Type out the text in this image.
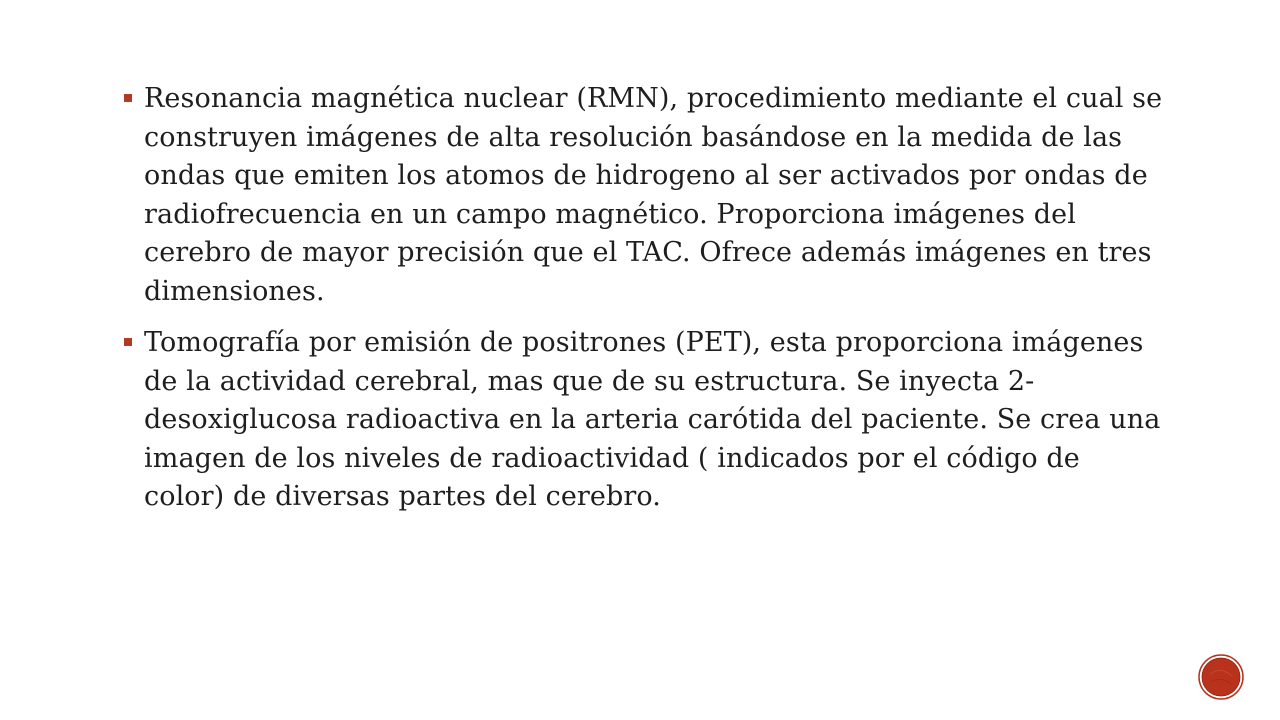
Resonancia magnética nuclear (RMN), procedimiento mediante el cual se construyen imágenes de alta resolución basándose en la medida de las ondas que emiten los atomos de hidrogeno al ser activados por ondas de radiofrecuencia en un campo magnético. Proporciona imágenes del cerebro de mayor precisión que el TAC. Ofrece además imágenes en tres dimensiones.
Tomografía por emisión de positrones (PET), esta proporciona imágenes de la actividad cerebral, mas que de su estructura. Se inyecta 2- desoxiglucosa radioactiva en la arteria carótida del paciente. Se crea una imagen de los niveles de radioactividad ( indicados por el código de color) de diversas partes del cerebro.
